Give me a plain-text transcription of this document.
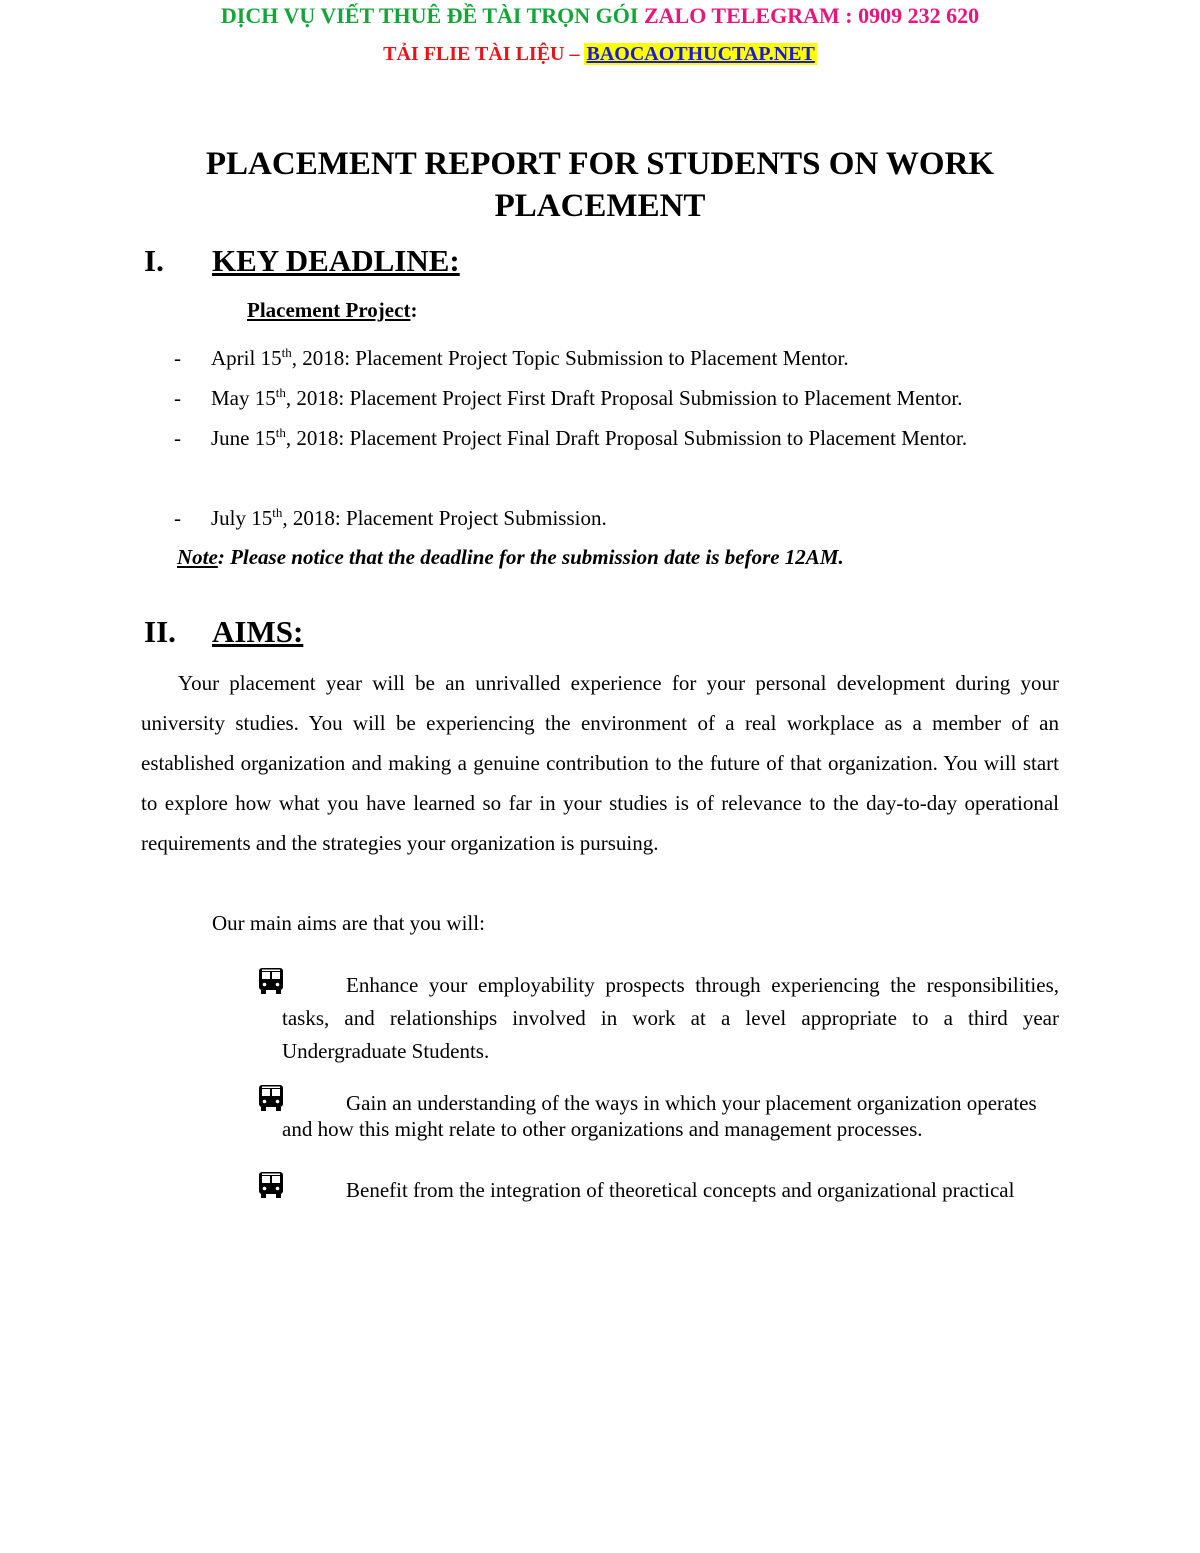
DỊCH VỤ VIẾT THUÊ ĐỀ TÀI TRỌN GÓI ZALO TELEGRAM : 0909 232 620
TẢI FLIE TÀI LIỆU – BAOCAOTHUCTAP.NET
PLACEMENT REPORT FOR STUDENTS ON WORK PLACEMENT
I. KEY DEADLINE:
Placement Project:
- April 15th, 2018: Placement Project Topic Submission to Placement Mentor.
- May 15th, 2018: Placement Project First Draft Proposal Submission to Placement Mentor.
- June 15th, 2018: Placement Project Final Draft Proposal Submission to Placement Mentor.
- July 15th, 2018: Placement Project Submission.
Note: Please notice that the deadline for the submission date is before 12AM.
II. AIMS:
Your placement year will be an unrivalled experience for your personal development during your university studies. You will be experiencing the environment of a real workplace as a member of an established organization and making a genuine contribution to the future of that organization. You will start to explore how what you have learned so far in your studies is of relevance to the day-to-day operational requirements and the strategies your organization is pursuing.
Our main aims are that you will:
Enhance your employability prospects through experiencing the responsibilities, tasks, and relationships involved in work at a level appropriate to a third year Undergraduate Students.
Gain an understanding of the ways in which your placement organization operates and how this might relate to other organizations and management processes.
Benefit from the integration of theoretical concepts and organizational practical
